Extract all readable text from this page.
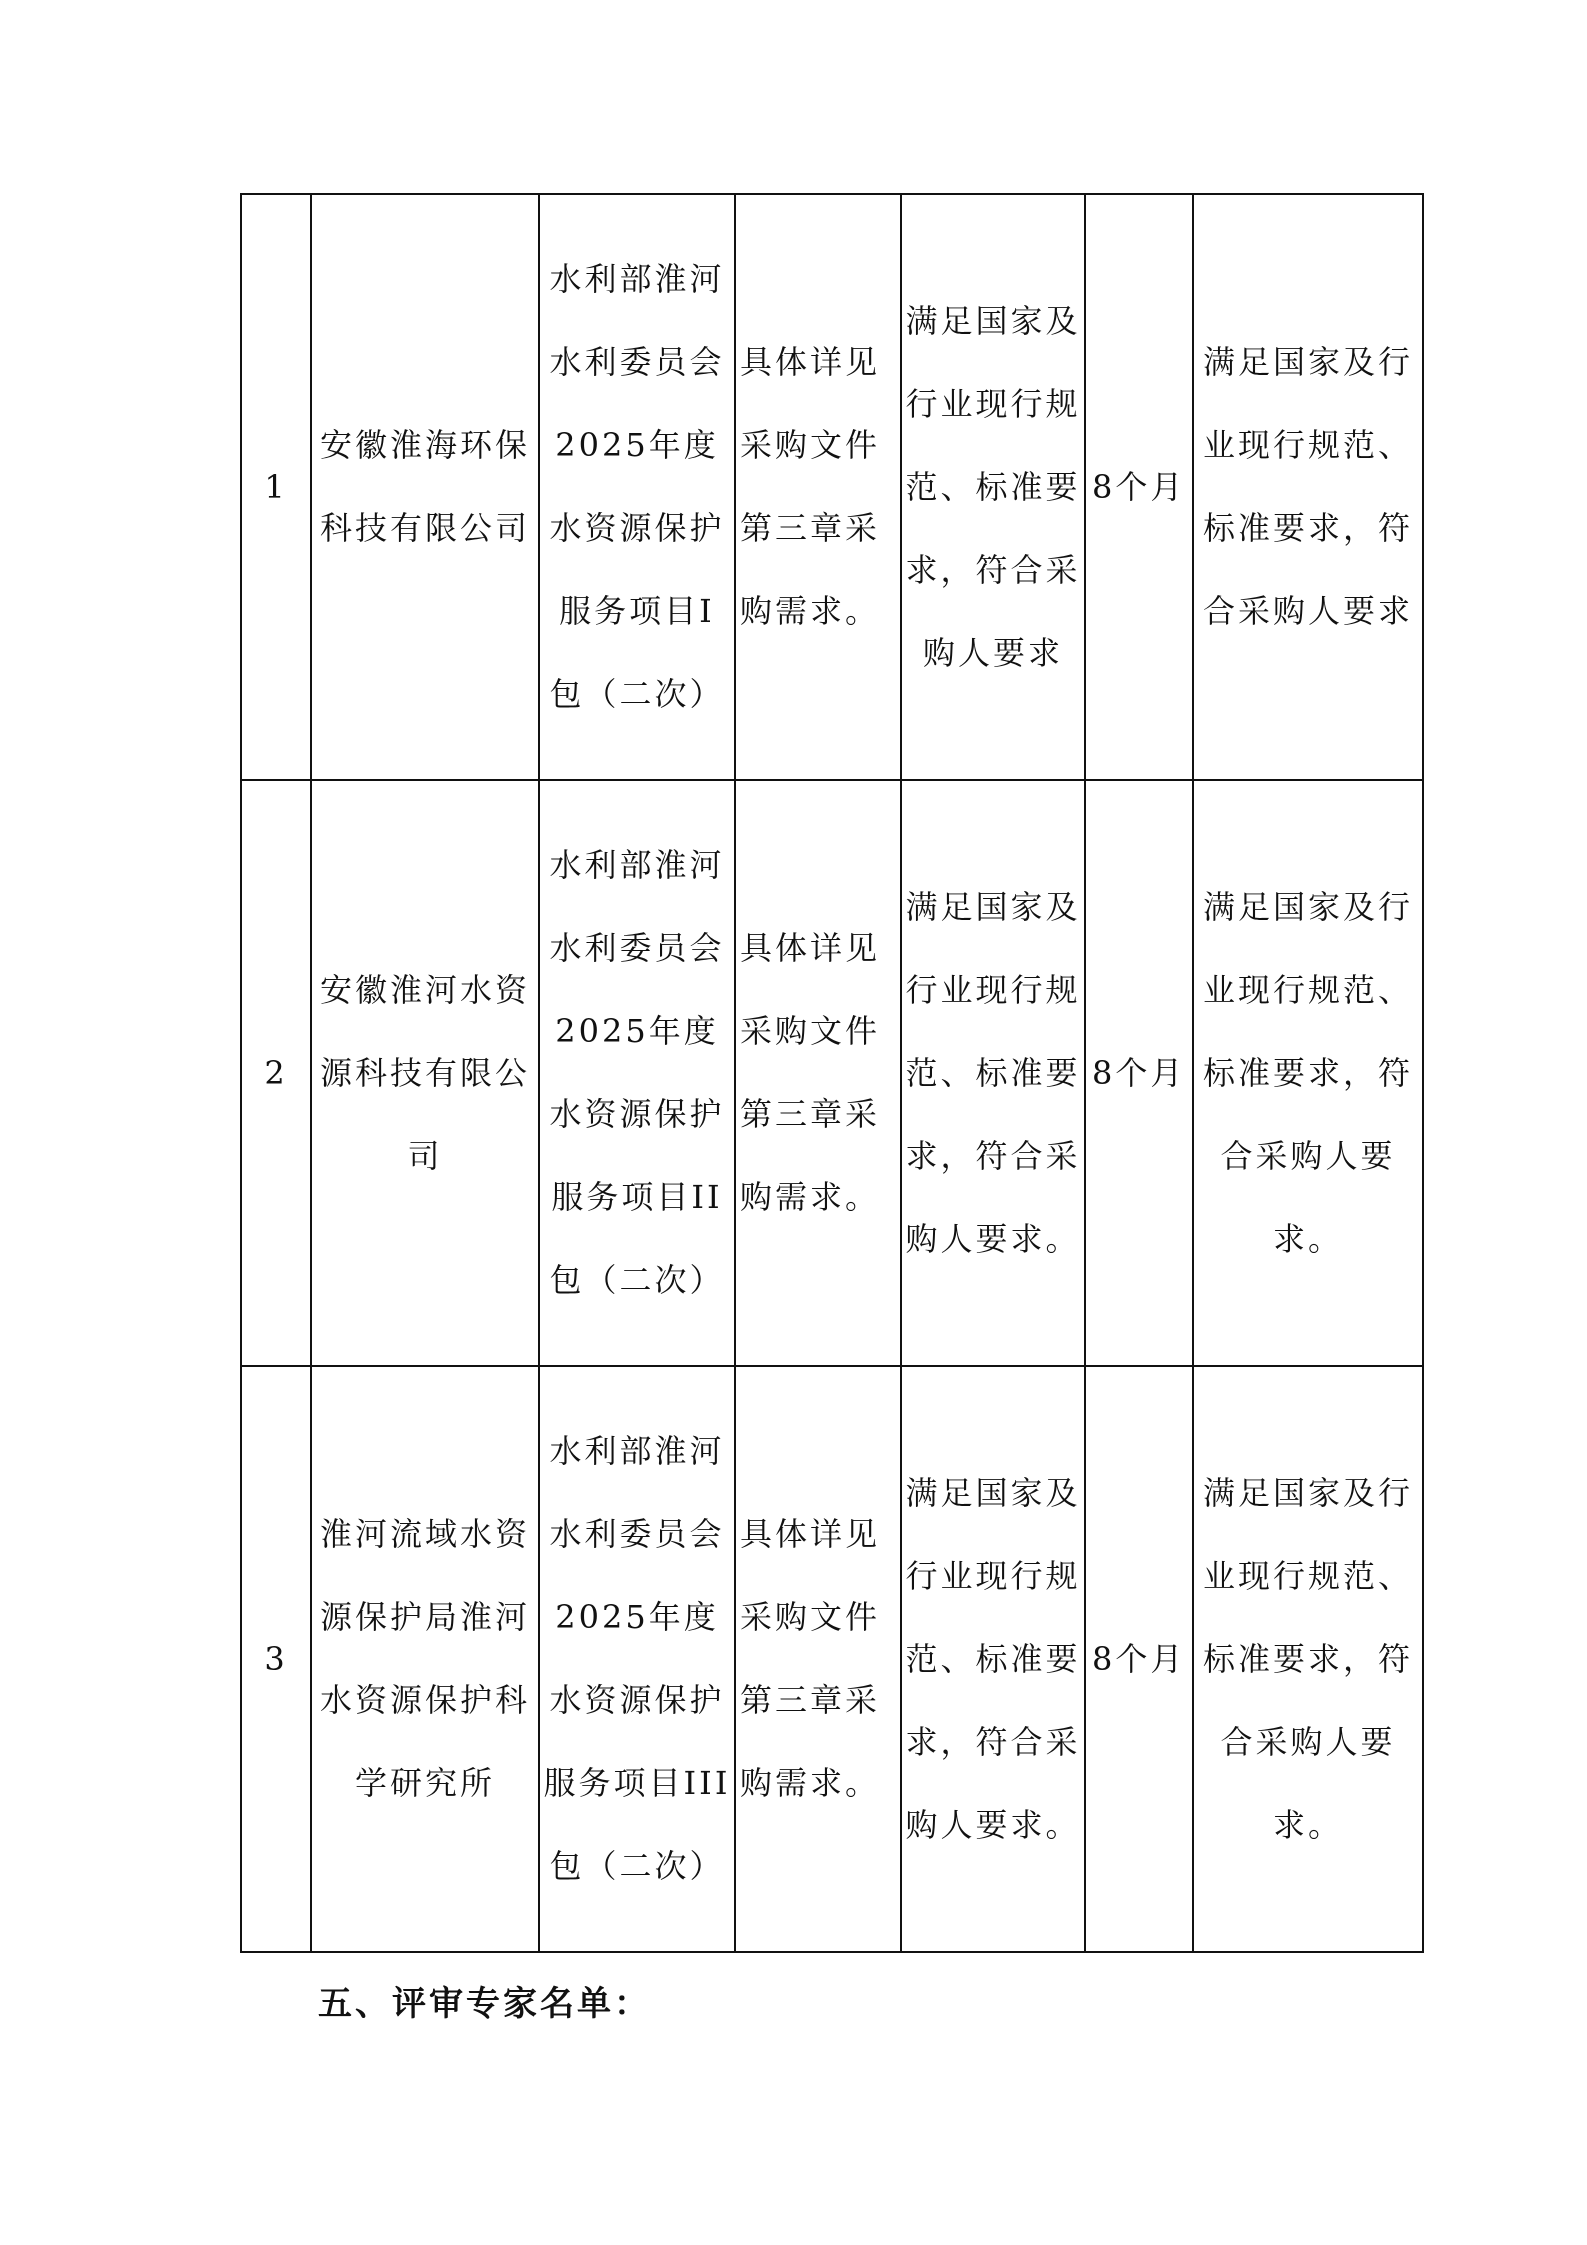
1	安徽淮海环保科技有限公司	水利部淮河水利委员会2025年度水资源保护服务项目I包（二次）	具体详见采购文件第三章采购需求。	满足国家及行业现行规范、标准要求，符合采购人要求	8个月	满足国家及行业现行规范、标准要求，符合采购人要求
2	安徽淮河水资源科技有限公司	水利部淮河水利委员会2025年度水资源保护服务项目II包（二次）	具体详见采购文件第三章采购需求。	满足国家及行业现行规范、标准要求，符合采购人要求。	8个月	满足国家及行业现行规范、标准要求，符合采购人要求。
3	淮河流域水资源保护局淮河水资源保护科学研究所	水利部淮河水利委员会2025年度水资源保护服务项目III包（二次）	具体详见采购文件第三章采购需求。	满足国家及行业现行规范、标准要求，符合采购人要求。	8个月	满足国家及行业现行规范、标准要求，符合采购人要求。
五、评审专家名单：
